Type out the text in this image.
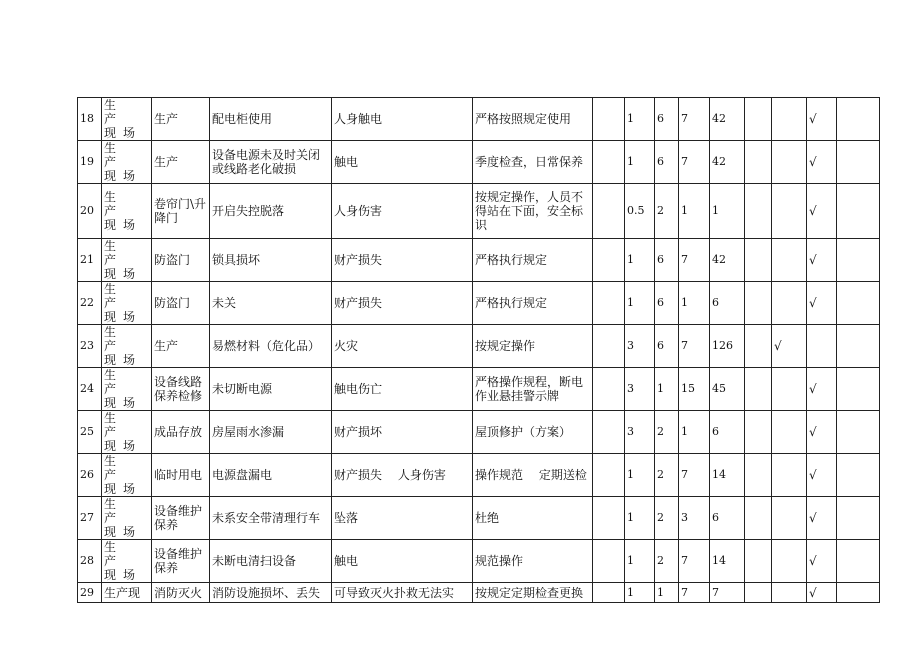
18	生 产 现场	生产	配电柜使用	人身触电	严格按照规定使用		1	6	7	42			√	
19	生 产 现场	生产	设备电源未及时关闭或线路老化破损	触电	季度检查，日常保养		1	6	7	42			√	
20	生 产 现场	卷帘门\升降门	开启失控脱落	人身伤害	按规定操作，人员不得站在下面，安全标识		0.5	2	1	1			√	
21	生 产 现场	防盗门	锁具损坏	财产损失	严格执行规定		1	6	7	42			√	
22	生 产 现场	防盗门	未关	财产损失	严格执行规定		1	6	1	6			√	
23	生 产 现场	生产	易燃材料（危化品）	火灾	按规定操作		3	6	7	126		√		
24	生 产 现场	设备线路保养检修	未切断电源	触电伤亡	严格操作规程，断电作业悬挂警示牌		3	1	15	45			√	
25	生 产 现场	成品存放	房屋雨水渗漏	财产损坏	屋顶修护（方案）		3	2	1	6			√	
26	生 产 现场	临时用电	电源盘漏电	财产损失　 人身伤害	操作规范　 定期送检		1	2	7	14			√	
27	生 产 现场	设备维护保养	未系安全带清理行车	坠落	杜绝		1	2	3	6			√	
28	生 产 现场	设备维护保养	未断电清扫设备	触电	规范操作		1	2	7	14			√	
29	生产现	消防灭火	消防设施损坏、丢失	可导致灭火扑救无法实	按规定定期检查更换		1	1	7	7			√	
